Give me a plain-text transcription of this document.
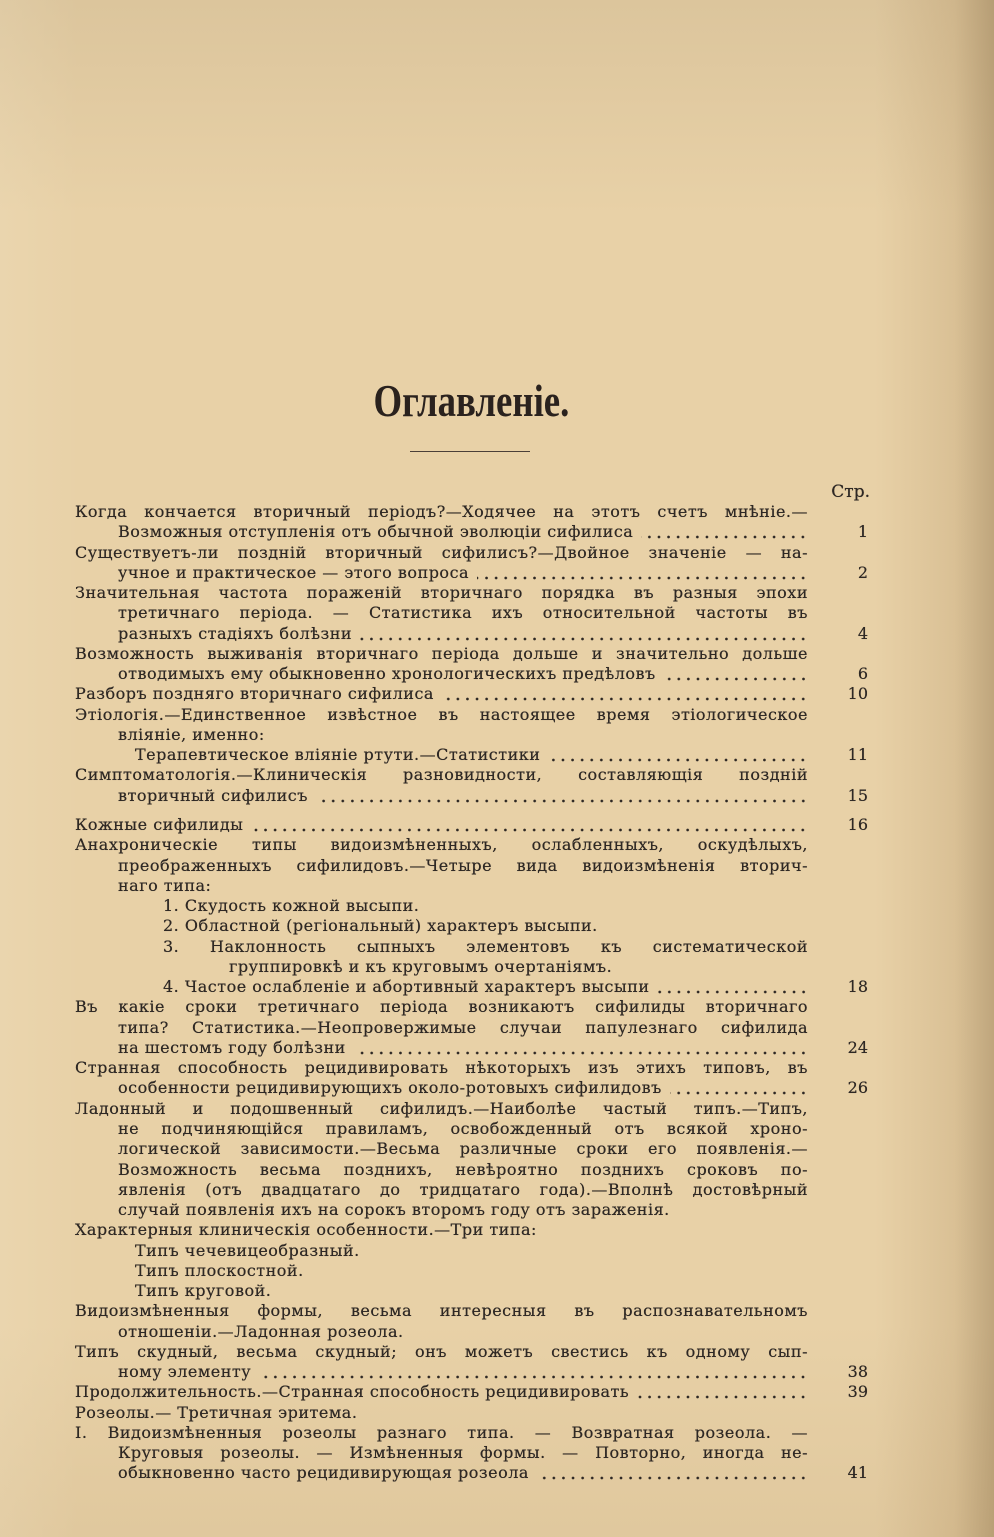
Оглавленіе.
Стр.
Когда кончается вторичный періодъ?—Ходячее на этотъ счетъ мнѣніе.—
Возможныя отступленія отъ обычной эволюціи сифилиса	1
Существуетъ-ли поздній вторичный сифилисъ?—Двойное значеніе — на-
учное и практическое — этого вопроса	2
Значительная частота пораженій вторичнаго порядка въ разныя эпохи
третичнаго періода. — Статистика ихъ относительной частоты въ
разныхъ стадіяхъ болѣзни	4
Возможность выживанія вторичнаго періода дольше и значительно дольше
отводимыхъ ему обыкновенно хронологическихъ предѣловъ	6
Разборъ поздняго вторичнаго сифилиса	10
Этіологія.—Единственное извѣстное въ настоящее время этіологическое
вліяніе, именно:
Терапевтическое вліяніе ртути.—Статистики	11
Симптоматологія.—Клиническія разновидности, составляющія поздній
вторичный сифилисъ	15
Кожные сифилиды	16
Анахроническіе типы видоизмѣненныхъ, ослабленныхъ, оскудѣлыхъ,
преображенныхъ сифилидовъ.—Четыре вида видоизмѣненія вторич-
наго типа:
1. Скудость кожной высыпи.
2. Областной (регіональный) характеръ высыпи.
3. Наклонность сыпныхъ элементовъ къ систематической
группировкѣ и къ круговымъ очертаніямъ.
4. Частое ослабленіе и абортивный характеръ высыпи	18
Въ какіе сроки третичнаго періода возникаютъ сифилиды вторичнаго
типа? Статистика.—Неопровержимые случаи папулезнаго сифилида
на шестомъ году болѣзни	24
Странная способность рецидивировать нѣкоторыхъ изъ этихъ типовъ, въ
особенности рецидивирующихъ около-ротовыхъ сифилидовъ	26
Ладонный и подошвенный сифилидъ.—Наиболѣе частый типъ.—Типъ,
не подчиняющійся правиламъ, освобожденный отъ всякой хроно-
логической зависимости.—Весьма различные сроки его появленія.—
Возможность весьма позднихъ, невѣроятно позднихъ сроковъ по-
явленія (отъ двадцатаго до тридцатаго года).—Вполнѣ достовѣрный
случай появленія ихъ на сорокъ второмъ году отъ зараженія.
Характерныя клиническія особенности.—Три типа:
Типъ чечевицеобразный.
Типъ плоскостной.
Типъ круговой.
Видоизмѣненныя формы, весьма интересныя въ распознавательномъ
отношеніи.—Ладонная розеола.
Типъ скудный, весьма скудный; онъ можетъ свестись къ одному сып-
ному элементу	38
Продолжительность.—Странная способность рецидивировать	39
Розеолы.— Третичная эритема.
I. Видоизмѣненныя розеолы разнаго типа. — Возвратная розеола. —
Круговыя розеолы. — Измѣненныя формы. — Повторно, иногда не-
обыкновенно часто рецидивирующая розеола	41
